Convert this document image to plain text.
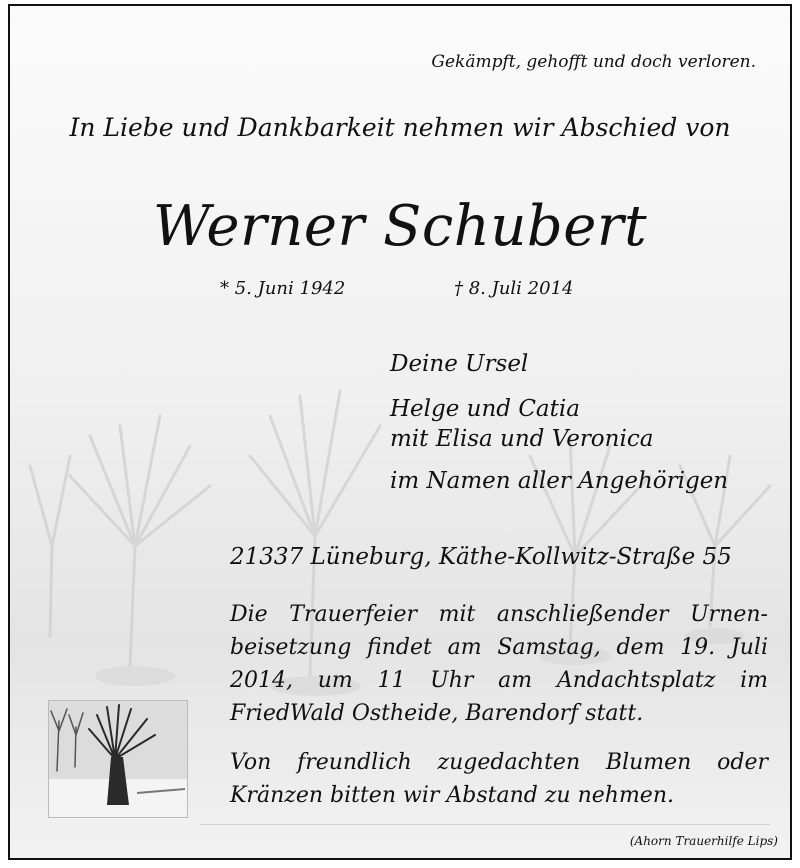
Gekämpft, gehofft und doch verloren.

In Liebe und Dankbarkeit nehmen wir Abschied von

Werner Schubert

* 5. Juni 1942	† 8. Juli 2014

Deine Ursel

Helge und Catia

mit Elisa und Veronica

im Namen aller Angehörigen

21337 Lüneburg, Käthe-Kollwitz-Straße 55

Die Trauerfeier mit anschließender Urnen-beisetzung findet am Samstag, dem 19. Juli 2014, um 11 Uhr am Andachtsplatz im FriedWald Ostheide, Barendorf statt.

Von freundlich zugedachten Blumen oder Kränzen bitten wir Abstand zu nehmen.

(Ahorn Trauerhilfe Lips)
